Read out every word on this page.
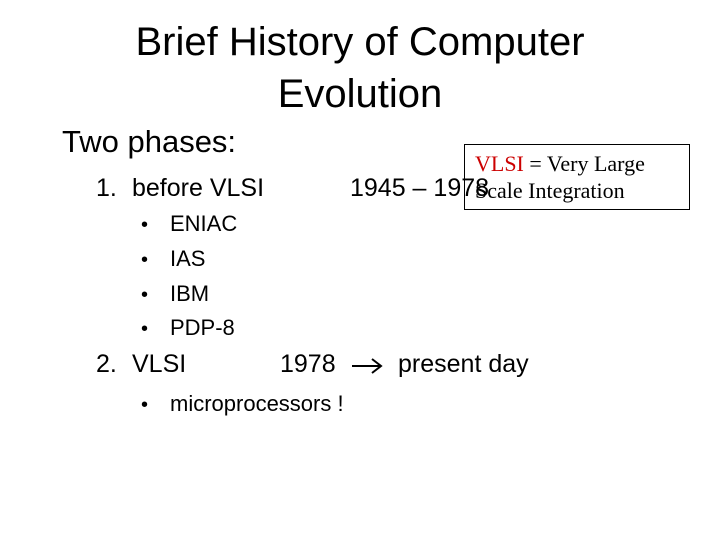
Brief History of Computer
Evolution
Two phases:
1. before VLSI	1945 – 1978
• ENIAC
• IAS
• IBM
• PDP-8
2. VLSI	1978 present day
• microprocessors !
VLSI = Very Large
Scale Integration
